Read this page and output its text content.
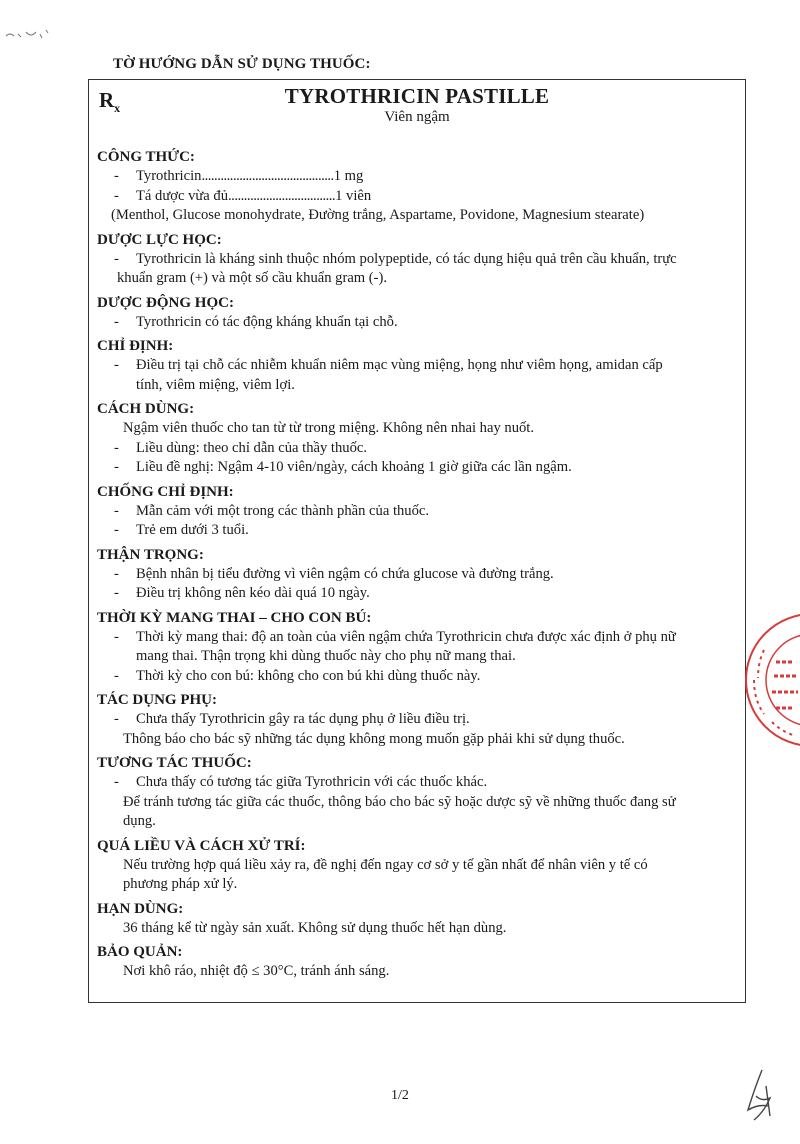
TỜ HƯỚNG DẪN SỬ DỤNG THUỐC:
$R_x$
TYROTHRICIN PASTILLE
Viên ngậm
CÔNG THỨC:
- Tyrothricin..........................................1 mg
- Tá dược vừa đủ..................................1 viên
(Menthol, Glucose monohydrate, Đường trắng, Aspartame, Povidone, Magnesium stearate)
DƯỢC LỰC HỌC:
- Tyrothricin là kháng sinh thuộc nhóm polypeptide, có tác dụng hiệu quả trên cầu khuẩn, trực
khuẩn gram (+) và một số cầu khuẩn gram (-).
DƯỢC ĐỘNG HỌC:
- Tyrothricin có tác động kháng khuẩn tại chỗ.
CHỈ ĐỊNH:
- Điều trị tại chỗ các nhiễm khuẩn niêm mạc vùng miệng, họng như viêm họng, amidan cấp
tính, viêm miệng, viêm lợi.
CÁCH DÙNG:
Ngậm viên thuốc cho tan từ từ trong miệng. Không nên nhai hay nuốt.
- Liều dùng: theo chỉ dẫn của thầy thuốc.
- Liều đề nghị: Ngậm 4-10 viên/ngày, cách khoảng 1 giờ giữa các lần ngậm.
CHỐNG CHỈ ĐỊNH:
- Mẫn cảm với một trong các thành phần của thuốc.
- Trẻ em dưới 3 tuổi.
THẬN TRỌNG:
- Bệnh nhân bị tiểu đường vì viên ngậm có chứa glucose và đường trắng.
- Điều trị không nên kéo dài quá 10 ngày.
THỜI KỲ MANG THAI – CHO CON BÚ:
- Thời kỳ mang thai: độ an toàn của viên ngậm chứa Tyrothricin chưa được xác định ở phụ nữ
mang thai. Thận trọng khi dùng thuốc này cho phụ nữ mang thai.
- Thời kỳ cho con bú: không cho con bú khi dùng thuốc này.
TÁC DỤNG PHỤ:
- Chưa thấy Tyrothricin gây ra tác dụng phụ ở liều điều trị.
Thông báo cho bác sỹ những tác dụng không mong muốn gặp phải khi sử dụng thuốc.
TƯƠNG TÁC THUỐC:
- Chưa thấy có tương tác giữa Tyrothricin với các thuốc khác.
Để tránh tương tác giữa các thuốc, thông báo cho bác sỹ hoặc dược sỹ về những thuốc đang sử
dụng.
QUÁ LIỀU VÀ CÁCH XỬ TRÍ:
Nếu trường hợp quá liều xảy ra, đề nghị đến ngay cơ sở y tế gần nhất để nhân viên y tế có
phương pháp xử lý.
HẠN DÙNG:
36 tháng kể từ ngày sản xuất. Không sử dụng thuốc hết hạn dùng.
BẢO QUẢN:
Nơi khô ráo, nhiệt độ ≤ 30°C, tránh ánh sáng.
1/2
